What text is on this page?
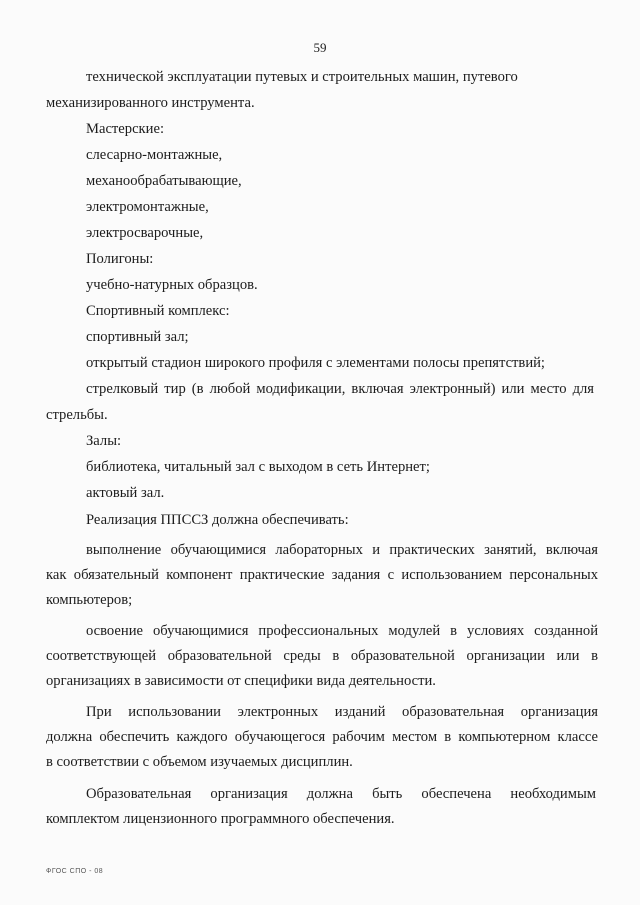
59
технической эксплуатации путевых и строительных машин, путевого
механизированного инструмента.
Мастерские:
слесарно-монтажные,
механообрабатывающие,
электромонтажные,
электросварочные,
Полигоны:
учебно-натурных образцов.
Спортивный комплекс:
спортивный зал;
открытый стадион широкого профиля с элементами полосы препятствий;
стрелковый тир (в любой модификации, включая электронный) или место для
стрельбы.
Залы:
библиотека, читальный зал с выходом в сеть Интернет;
актовый зал.
Реализация ППССЗ должна обеспечивать:
выполнение обучающимися лабораторных и практических занятий, включая
как обязательный компонент практические задания с использованием персональных
компьютеров;
освоение обучающимися профессиональных модулей в условиях созданной
соответствующей образовательной среды в образовательной организации или в
организациях в зависимости от специфики вида деятельности.
При использовании электронных изданий образовательная организация
должна обеспечить каждого обучающегося рабочим местом в компьютерном классе
в соответствии с объемом изучаемых дисциплин.
Образовательная организация должна быть обеспечена необходимым
комплектом лицензионного программного обеспечения.
ФГОС СПО - 08
